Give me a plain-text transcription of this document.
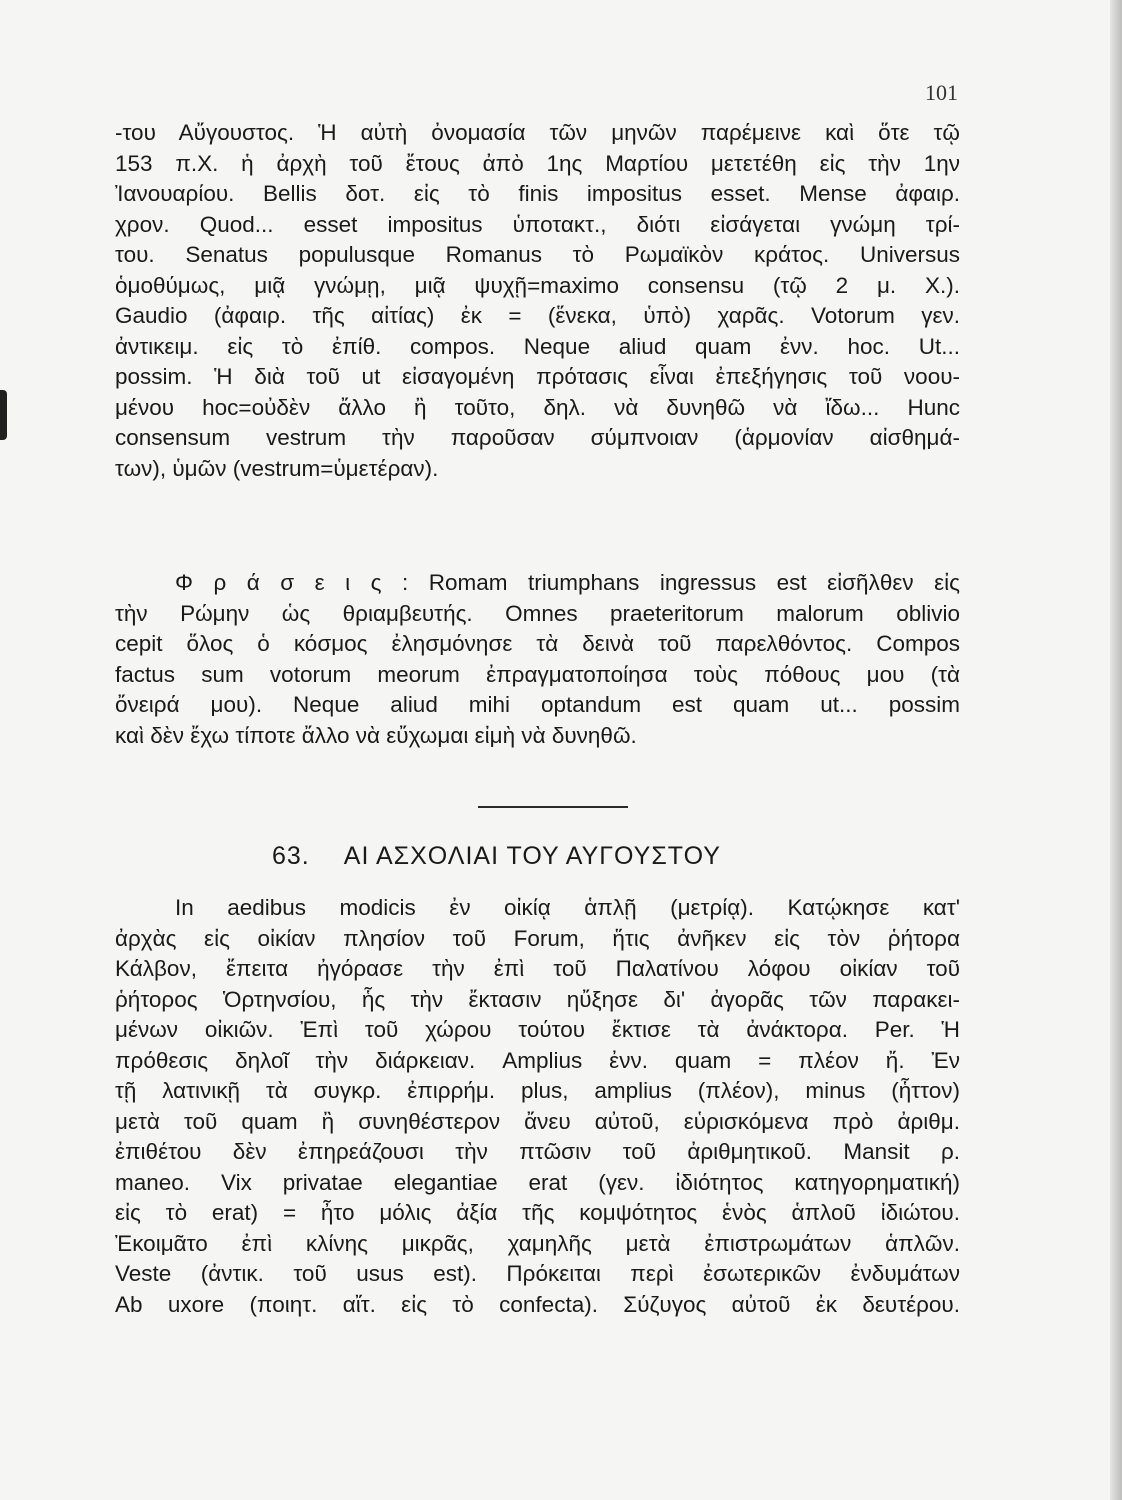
101
-του Αὔγουστος. Ἡ αὐτὴ ὀνομασία τῶν μηνῶν παρέμεινε καὶ ὅτε τῷ
153 π.Χ. ἡ ἀρχὴ τοῦ ἔτους ἀπὸ 1ης Μαρτίου μετετέθη εἰς τὴν 1ην
Ἰανουαρίου. Bellis δοτ. εἰς τὸ finis impositus esset. Mense ἀφαιρ.
χρον. Quod... esset impositus ὑποτακτ., διότι εἰσάγεται γνώμη τρί-
του. Senatus populusque Romanus τὸ Ρωμαϊκὸν κράτος. Universus
ὁμοθύμως, μιᾷ γνώμῃ, μιᾷ ψυχῇ=maximo consensu (τῷ 2 μ. Χ.).
Gaudio (ἀφαιρ. τῆς αἰτίας) ἐκ = (ἕνεκα, ὑπὸ) χαρᾶς. Votorum γεν.
ἀντικειμ. εἰς τὸ ἐπίθ. compos. Neque aliud quam ἐνν. hoc. Ut...
possim. Ἡ διὰ τοῦ ut εἰσαγομένη πρότασις εἶναι ἐπεξήγησις τοῦ νοου-
μένου hoc=οὐδὲν ἄλλο ἢ τοῦτο, δηλ. νὰ δυνηθῶ νὰ ἴδω... Hunc
consensum vestrum τὴν παροῦσαν σύμπνοιαν (ἁρμονίαν αἰσθημά-
των), ὑμῶν (vestrum=ὑμετέραν).
Φ ρ ά σ ε ι ς : Romam triumphans ingressus est εἰσῆλθεν εἰς
τὴν Ρώμην ὡς θριαμβευτής. Omnes praeteritorum malorum oblivio
cepit ὅλος ὁ κόσμος ἐλησμόνησε τὰ δεινὰ τοῦ παρελθόντος. Compos
factus sum votorum meorum ἐπραγματοποίησα τοὺς πόθους μου (τὰ
ὄνειρά μου). Neque aliud mihi optandum est quam ut... possim
καὶ δὲν ἔχω τίποτε ἄλλο νὰ εὔχωμαι εἰμὴ νὰ δυνηθῶ.
63. ΑΙ ΑΣΧΟΛΙΑΙ ΤΟΥ ΑΥΓΟΥΣΤΟΥ
In aedibus modicis ἐν οἰκίᾳ ἁπλῇ (μετρίᾳ). Κατῴκησε κατ'
ἀρχὰς εἰς οἰκίαν πλησίον τοῦ Forum, ἥτις ἀνῆκεν εἰς τὸν ῥήτορα
Κάλβον, ἔπειτα ἠγόρασε τὴν ἐπὶ τοῦ Παλατίνου λόφου οἰκίαν τοῦ
ῥήτορος Ὁρτηνσίου, ἧς τὴν ἔκτασιν ηὔξησε δι' ἀγορᾶς τῶν παρακει-
μένων οἰκιῶν. Ἐπὶ τοῦ χώρου τούτου ἔκτισε τὰ ἀνάκτορα. Per. Ἡ
πρόθεσις δηλοῖ τὴν διάρκειαν. Amplius ἐνν. quam = πλέον ἤ. Ἐν
τῇ λατινικῇ τὰ συγκρ. ἐπιρρήμ. plus, amplius (πλέον), minus (ἧττον)
μετὰ τοῦ quam ἢ συνηθέστερον ἄνευ αὐτοῦ, εὑρισκόμενα πρὸ ἀριθμ.
ἐπιθέτου δὲν ἐπηρεάζουσι τὴν πτῶσιν τοῦ ἀριθμητικοῦ. Mansit ρ.
maneo. Vix privatae elegantiae erat (γεν. ἰδιότητος κατηγορηματική)
εἰς τὸ erat) = ἦτο μόλις ἀξία τῆς κομψότητος ἑνὸς ἁπλοῦ ἰδιώτου.
Ἐκοιμᾶτο ἐπὶ κλίνης μικρᾶς, χαμηλῆς μετὰ ἐπιστρωμάτων ἁπλῶν.
Veste (ἀντικ. τοῦ usus est). Πρόκειται περὶ ἐσωτερικῶν ἐνδυμάτων
Ab uxore (ποιητ. αἴτ. εἰς τὸ confecta). Σύζυγος αὐτοῦ ἐκ δευτέρου.
